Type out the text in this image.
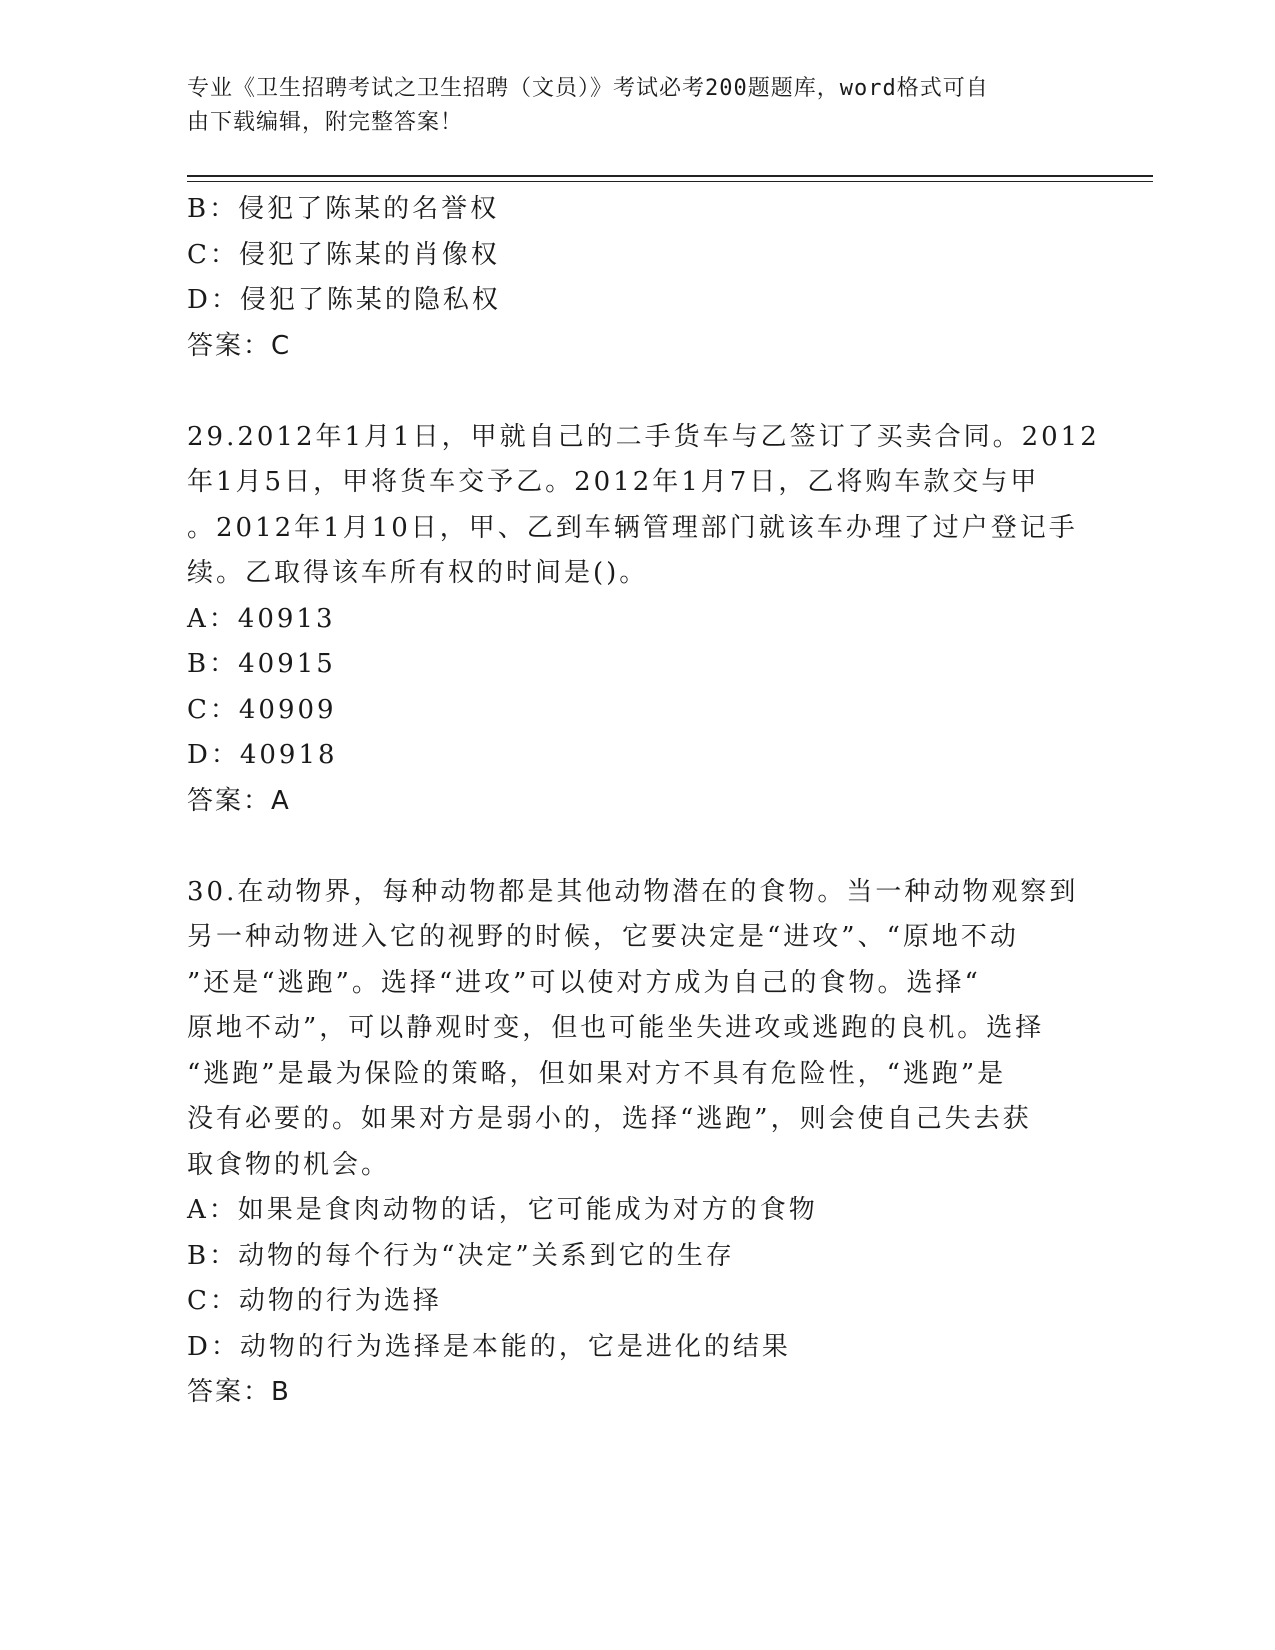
专业《卫生招聘考试之卫生招聘（文员）》考试必考200题题库，word格式可自
由下载编辑，附完整答案！
B：侵犯了陈某的名誉权
C：侵犯了陈某的肖像权
D：侵犯了陈某的隐私权
答案：C
29.2012年1月1日，甲就自己的二手货车与乙签订了买卖合同。2012
年1月5日，甲将货车交予乙。2012年1月7日，乙将购车款交与甲
。2012年1月10日，甲、乙到车辆管理部门就该车办理了过户登记手
续。乙取得该车所有权的时间是()。
A：40913
B：40915
C：40909
D：40918
答案：A
30.在动物界，每种动物都是其他动物潜在的食物。当一种动物观察到
另一种动物进入它的视野的时候，它要决定是“进攻”、“原地不动
”还是“逃跑”。选择“进攻”可以使对方成为自己的食物。选择“
原地不动”，可以静观时变，但也可能坐失进攻或逃跑的良机。选择
“逃跑”是最为保险的策略，但如果对方不具有危险性，“逃跑”是
没有必要的。如果对方是弱小的，选择“逃跑”，则会使自己失去获
取食物的机会。
A：如果是食肉动物的话，它可能成为对方的食物
B：动物的每个行为“决定”关系到它的生存
C：动物的行为选择
D：动物的行为选择是本能的，它是进化的结果
答案：B
